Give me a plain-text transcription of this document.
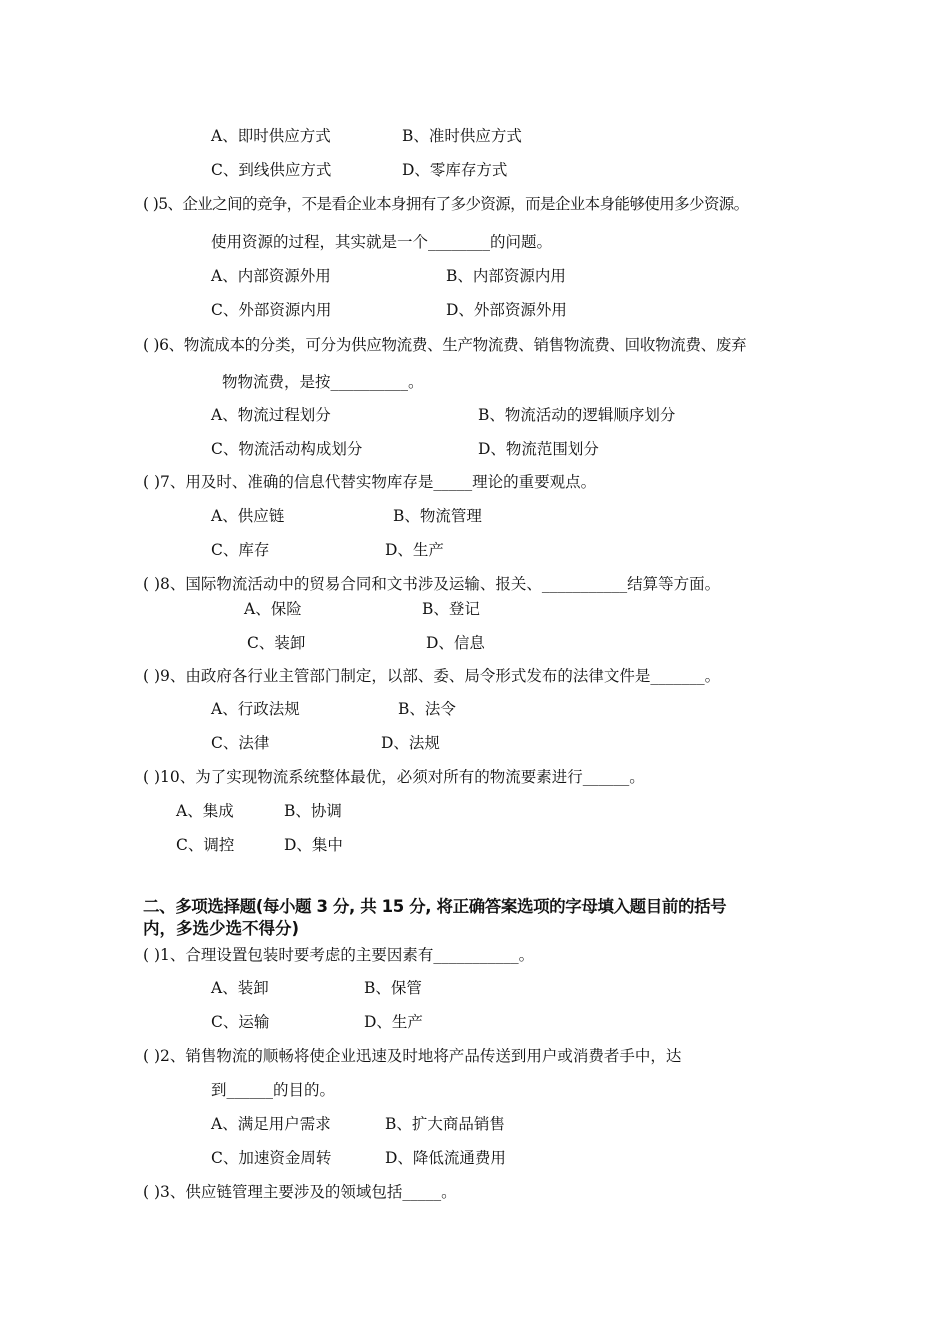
A、即时供应方式	B、准时供应方式
C、到线供应方式	D、零库存方式
( )5、企业之间的竞争，不是看企业本身拥有了多少资源，而是企业本身能够使用多少资源。
使用资源的过程，其实就是一个________的问题。
A、内部资源外用	B、内部资源内用
C、外部资源内用	D、外部资源外用
( )6、物流成本的分类，可分为供应物流费、生产物流费、销售物流费、回收物流费、废弃
物物流费，是按__________。
A、物流过程划分	B、物流活动的逻辑顺序划分
C、物流活动构成划分	D、物流范围划分
( )7、用及时、准确的信息代替实物库存是_____理论的重要观点。
A、供应链	B、物流管理
C、库存	D、生产
( )8、国际物流活动中的贸易合同和文书涉及运输、报关、___________结算等方面。
A、保险	B、登记
C、装卸	D、信息
( )9、由政府各行业主管部门制定，以部、委、局令形式发布的法律文件是_______。
A、行政法规	B、法令
C、法律	D、法规
( )10、为了实现物流系统整体最优，必须对所有的物流要素进行______。
A、集成	B、协调
C、调控	D、集中
二、多项选择题(每小题 3 分, 共 15 分, 将正确答案选项的字母填入题目前的括号
内，多选少选不得分)
( )1、合理设置包装时要考虑的主要因素有___________。
A、装卸	B、保管
C、运输	D、生产
( )2、销售物流的顺畅将使企业迅速及时地将产品传送到用户或消费者手中，达
到______的目的。
A、满足用户需求	B、扩大商品销售
C、加速资金周转	D、降低流通费用
( )3、供应链管理主要涉及的领域包括_____。
